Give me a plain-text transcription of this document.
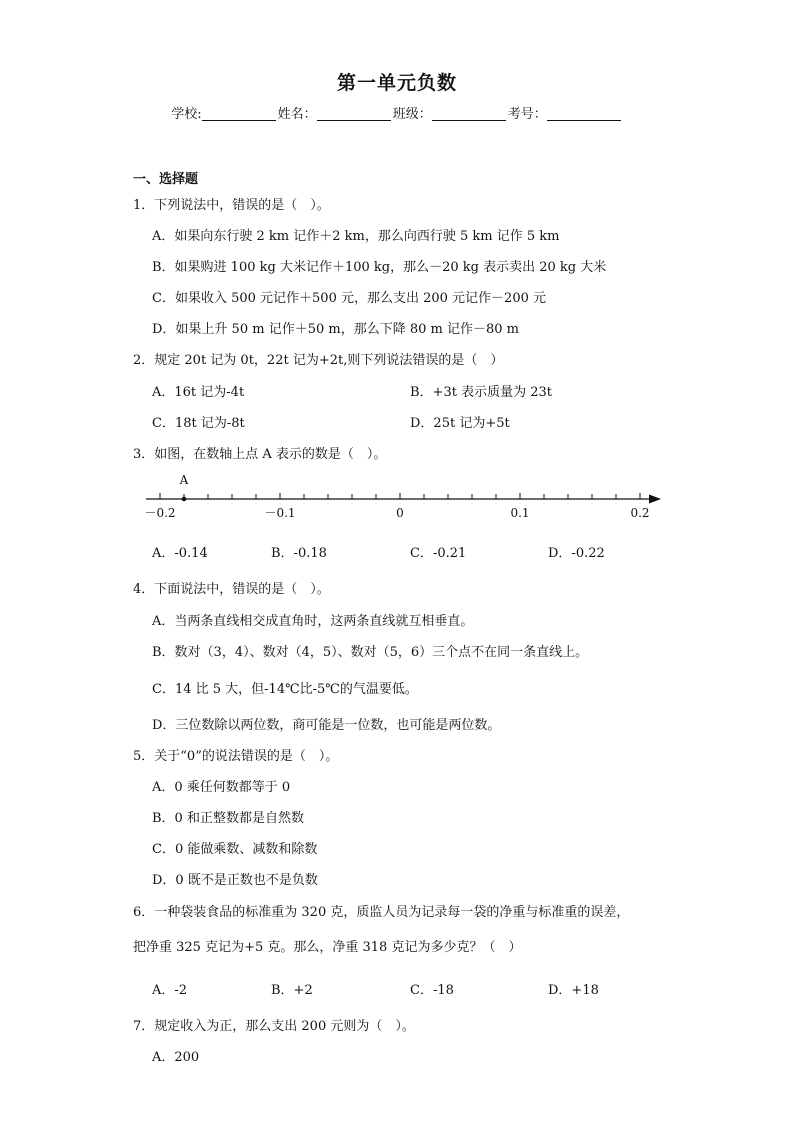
第一单元负数
学校:	姓名：	班级：	考号：
一、选择题
1．下列说法中，错误的是（　）。
A．如果向东行驶 2 km 记作＋2 km，那么向西行驶 5 km 记作 5 km
B．如果购进 100 kg 大米记作＋100 kg，那么－20 kg 表示卖出 20 kg 大米
C．如果收入 500 元记作＋500 元，那么支出 200 元记作－200 元
D．如果上升 50 m 记作＋50 m，那么下降 80 m 记作－80 m
2．规定 20t 记为 0t，22t 记为+2t,则下列说法错误的是（　）
A．16t 记为-4t	B．+3t 表示质量为 23t
C．18t 记为-8t	D．25t 记为+5t
3．如图，在数轴上点 A 表示的数是（　）。
－0.2	－0.1	0	0.1	0.2
A
A．-0.14	B．-0.18	C．-0.21	D．-0.22
4．下面说法中，错误的是（　）。
A．当两条直线相交成直角时，这两条直线就互相垂直。
B．数对（3，4）、数对（4，5）、数对（5，6）三个点不在同一条直线上。
C．14 比 5 大，但-14℃比-5℃的气温要低。
D．三位数除以两位数，商可能是一位数，也可能是两位数。
5．关于“0”的说法错误的是（　）。
A．0 乘任何数都等于 0
B．0 和正整数都是自然数
C．0 能做乘数、减数和除数
D．0 既不是正数也不是负数
6．一种袋装食品的标准重为 320 克，质监人员为记录每一袋的净重与标准重的误差，
把净重 325 克记为+5 克。那么，净重 318 克记为多少克？（　）
A．-2	B．+2	C．-18	D．+18
7．规定收入为正，那么支出 200 元则为（　）。
A．200
